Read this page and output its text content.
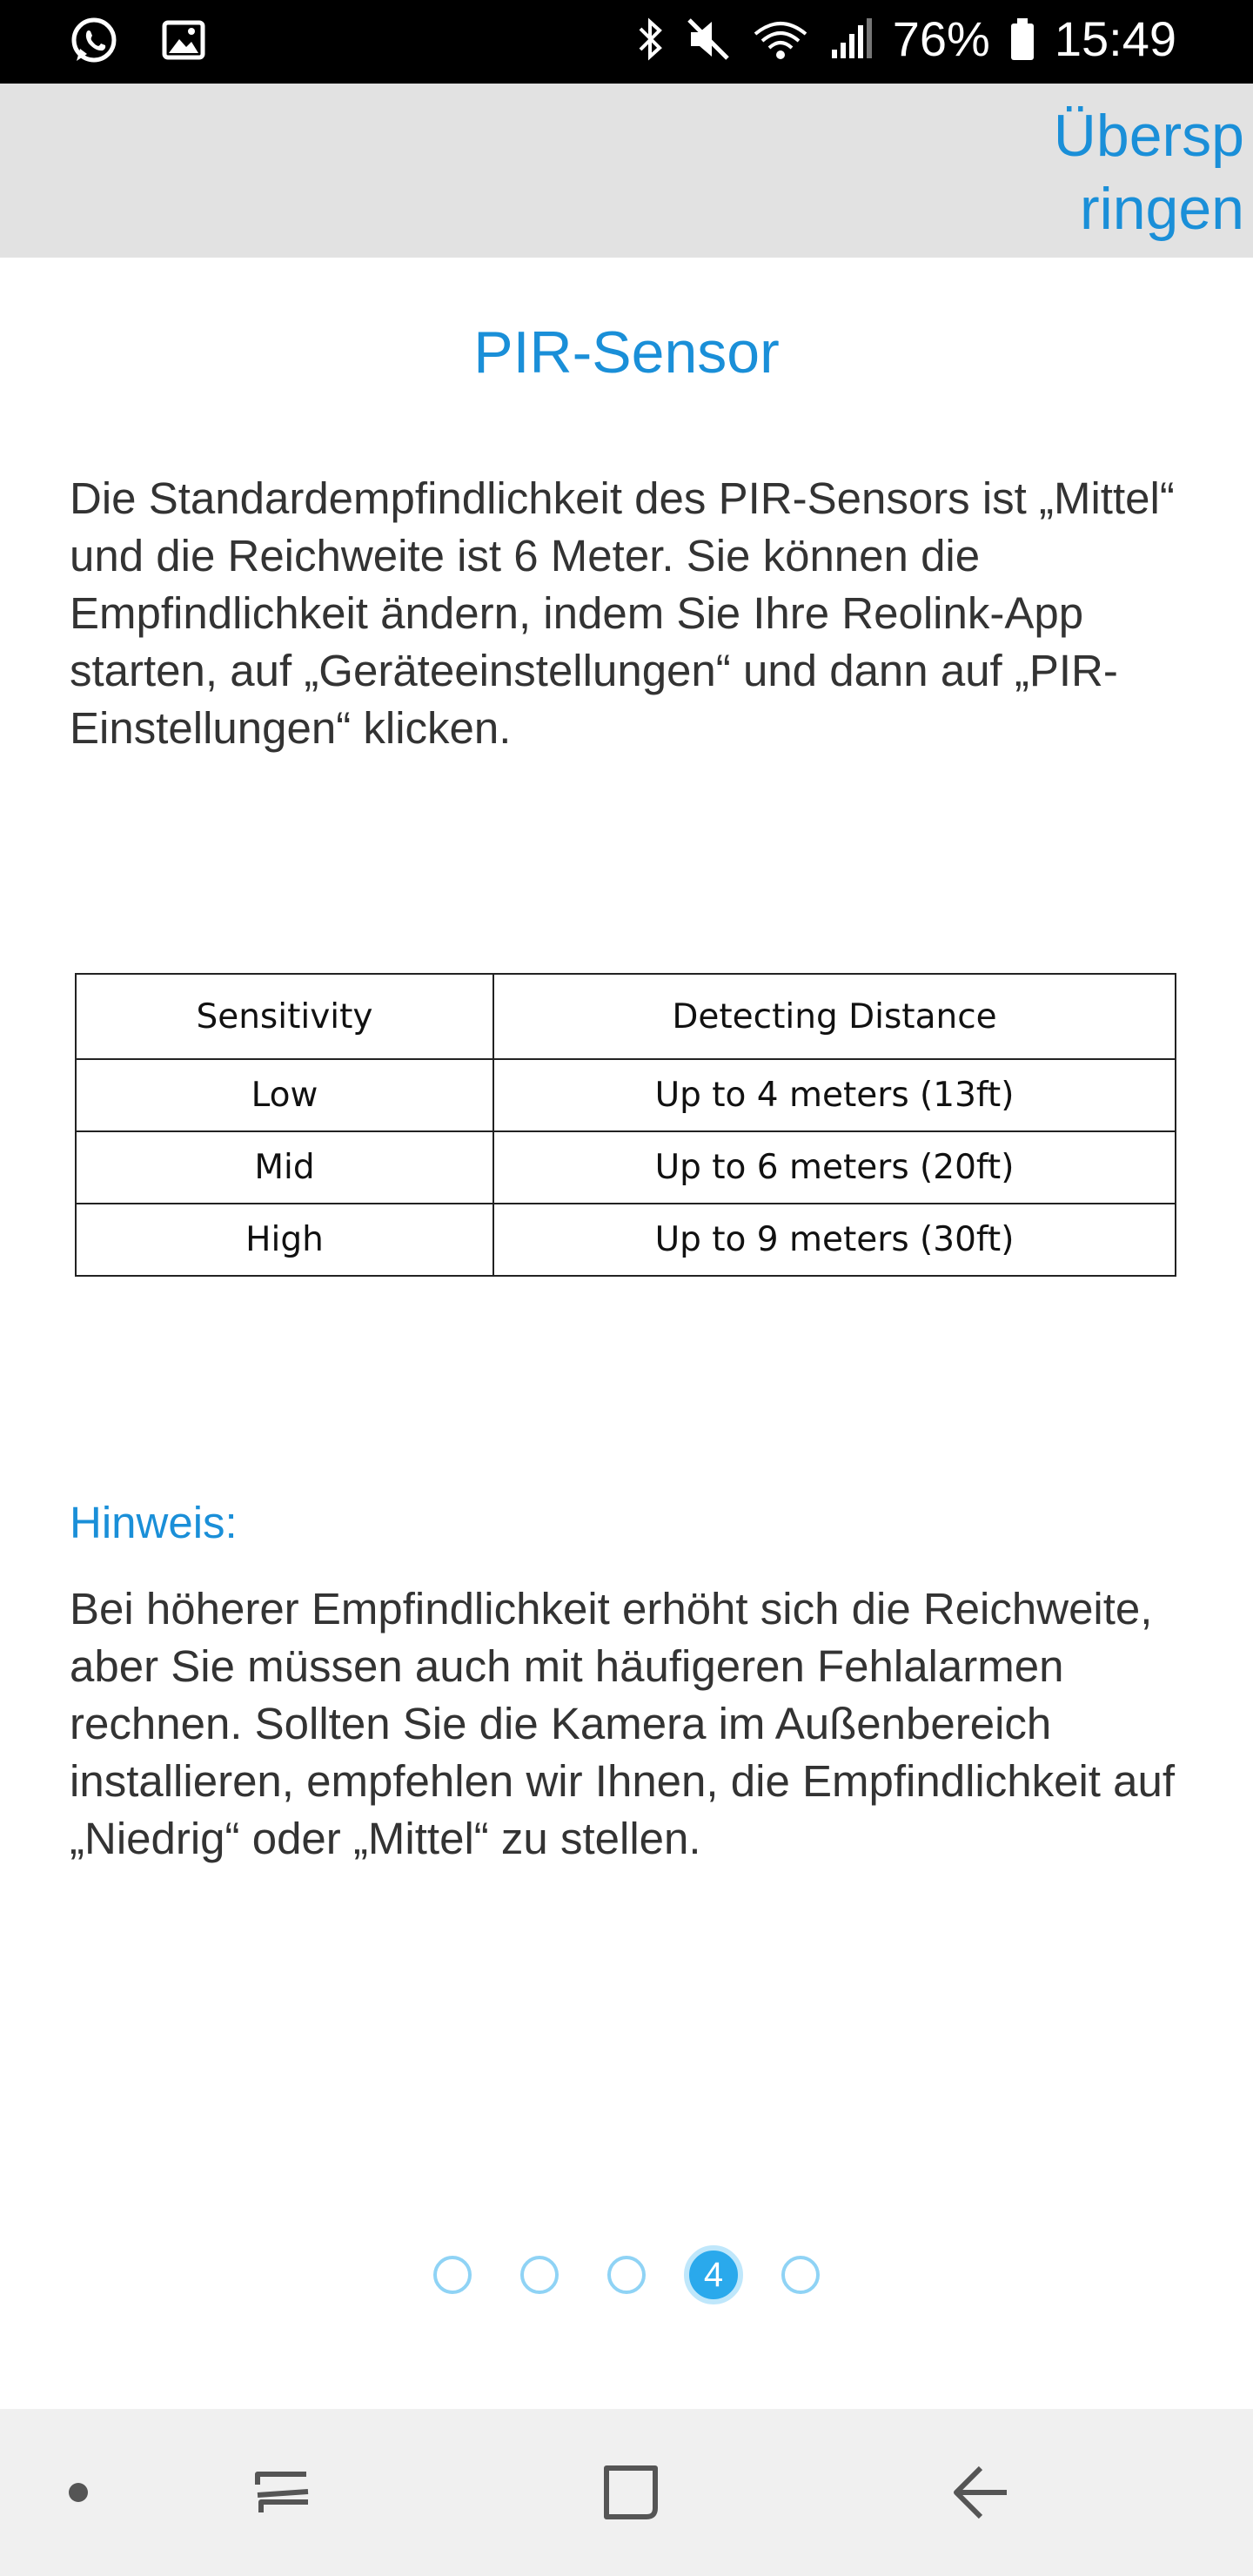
76% 15:49
Überspringen
PIR-Sensor
Die Standardempfindlichkeit des PIR-Sensors ist „Mittel“ und die Reichweite ist 6 Meter. Sie können die Empfindlichkeit ändern, indem Sie Ihre Reolink-App starten, auf „Geräteeinstellungen“ und dann auf „PIR-Einstellungen“ klicken.
Sensitivity	Detecting Distance
Low	Up to 4 meters (13ft)
Mid	Up to 6 meters (20ft)
High	Up to 9 meters (30ft)
Hinweis:
Bei höherer Empfindlichkeit erhöht sich die Reichweite, aber Sie müssen auch mit häufigeren Fehlalarmen rechnen. Sollten Sie die Kamera im Außenbereich installieren, empfehlen wir Ihnen, die Empfindlichkeit auf „Niedrig“ oder „Mittel“ zu stellen.
4
